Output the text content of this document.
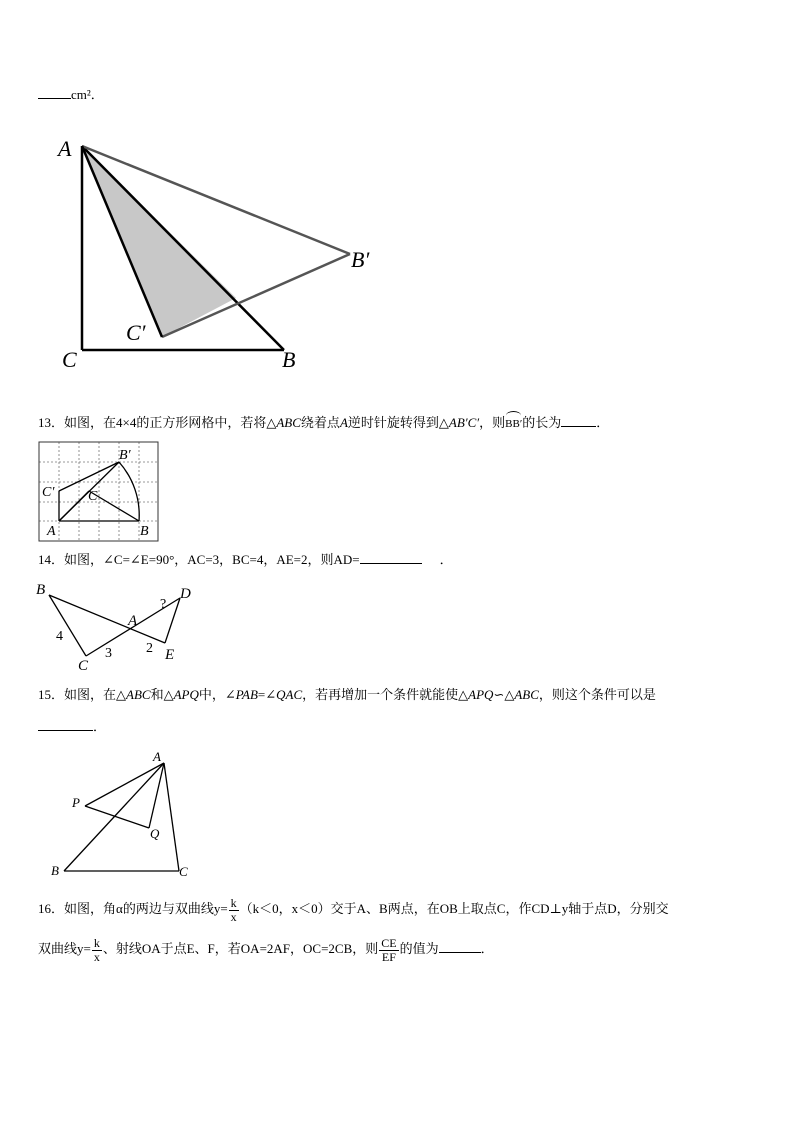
cm²．
A
C	B
B′
C′
13．如图，在4×4的正方形网格中，若将△ABC绕着点A逆时针旋转得到△AB′C′，则
BB′的长为	．
B′
C′ C
A	B
14．如图，∠C=∠E=90°，AC=3，BC=4，AE=2，则AD=	．
B	D
A
C
E
?
4
3 2
15．如图，在△ABC和△APQ中，∠PAB=∠QAC，若再增加一个条件就能使△APQ∽△ABC，则这个条件可以是
．
A
P
Q
B	C
16．如图，角α的两边与双曲线$y= \frac{k}{x} (k<0$，x＜0）交于A、B两点，在OB上取点C，作CD⊥y轴于点D，分别交
双曲线$y= \frac{k}{x}$ 、射线OA于点E、F，若OA=2AF，OC=2CB，则 $\frac{CE}{EF}$ 的值为	．
